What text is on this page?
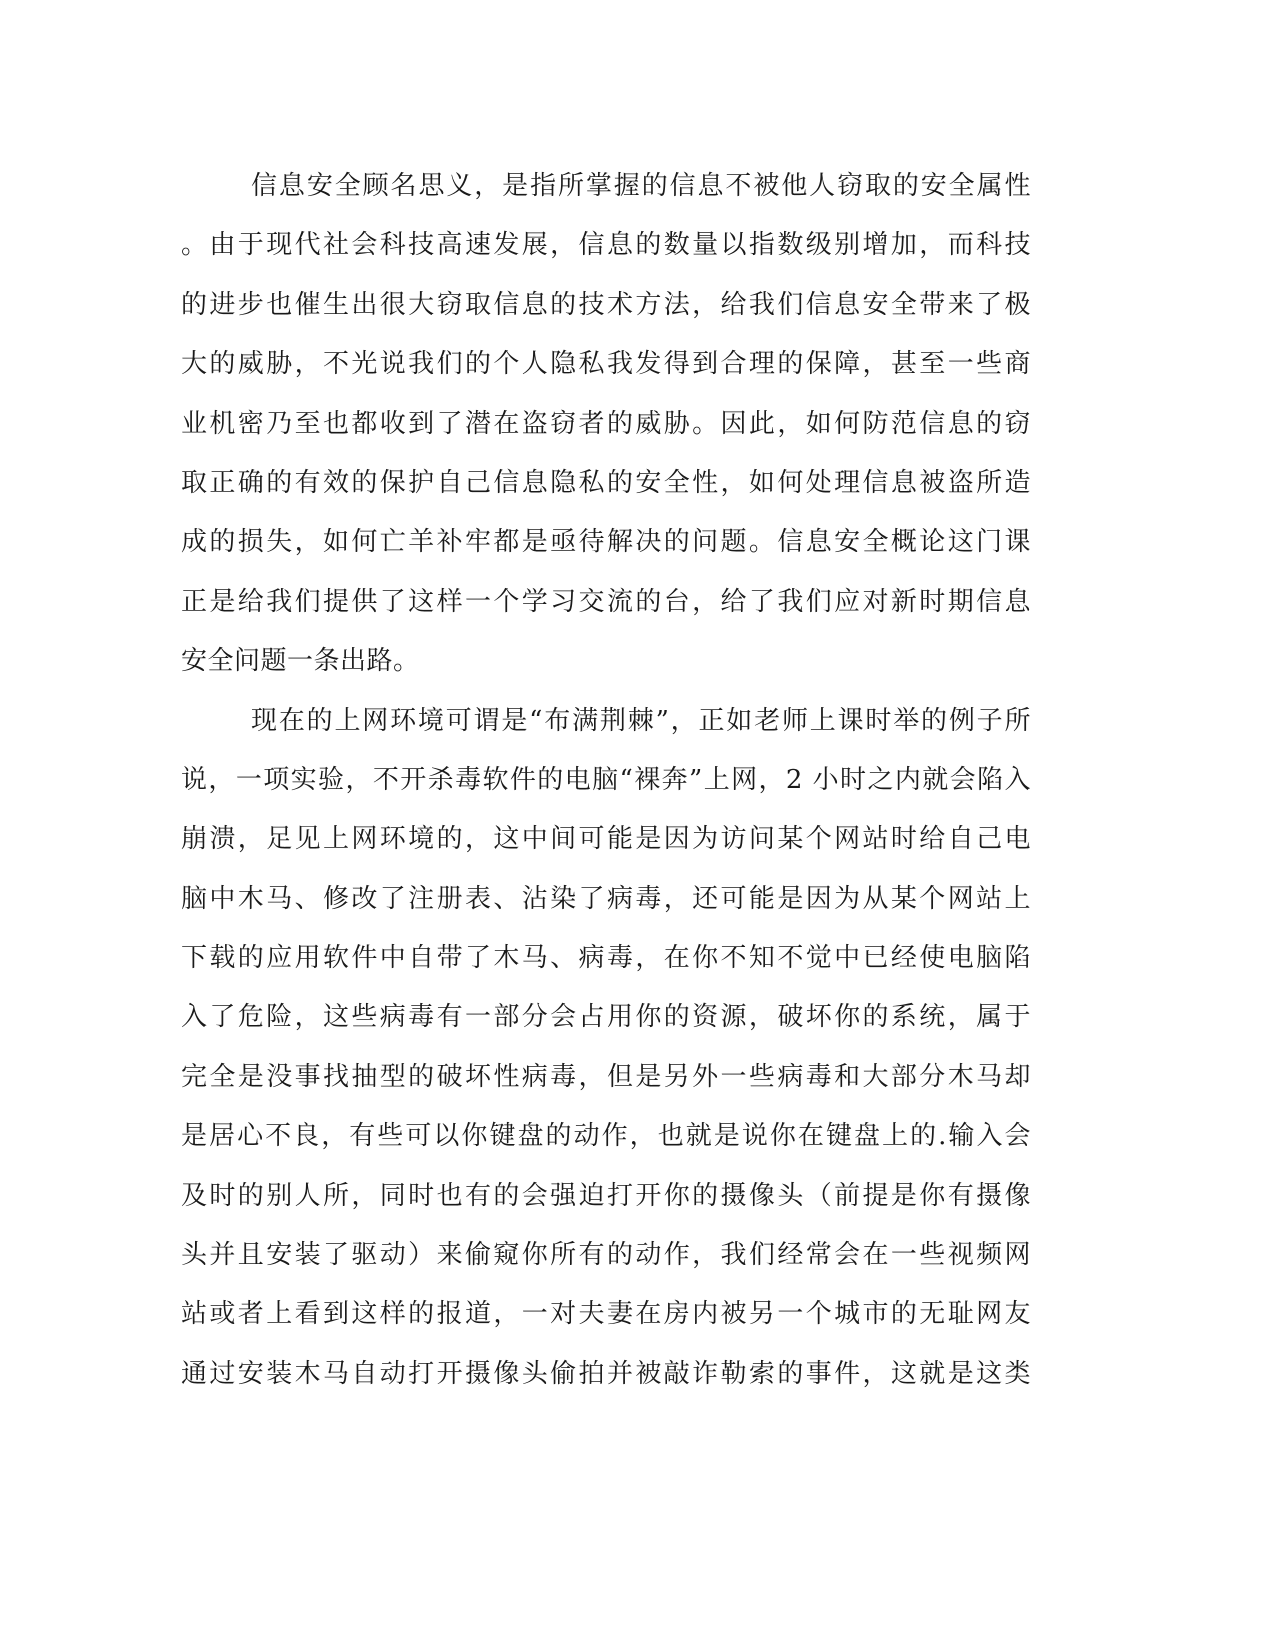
信息安全顾名思义，是指所掌握的信息不被他人窃取的安全属性
。由于现代社会科技高速发展，信息的数量以指数级别增加，而科技
的进步也催生出很大窃取信息的技术方法，给我们信息安全带来了极
大的威胁，不光说我们的个人隐私我发得到合理的保障，甚至一些商
业机密乃至也都收到了潜在盗窃者的威胁。因此，如何防范信息的窃
取正确的有效的保护自己信息隐私的安全性，如何处理信息被盗所造
成的损失，如何亡羊补牢都是亟待解决的问题。信息安全概论这门课
正是给我们提供了这样一个学习交流的台，给了我们应对新时期信息
安全问题一条出路。
现在的上网环境可谓是“布满荆棘”，正如老师上课时举的例子所
说，一项实验，不开杀毒软件的电脑“裸奔”上网，2 小时之内就会陷入
崩溃，足见上网环境的，这中间可能是因为访问某个网站时给自己电
脑中木马、修改了注册表、沾染了病毒，还可能是因为从某个网站上
下载的应用软件中自带了木马、病毒，在你不知不觉中已经使电脑陷
入了危险，这些病毒有一部分会占用你的资源，破坏你的系统，属于
完全是没事找抽型的破坏性病毒，但是另外一些病毒和大部分木马却
是居心不良，有些可以你键盘的动作，也就是说你在键盘上的.输入会
及时的别人所，同时也有的会强迫打开你的摄像头（前提是你有摄像
头并且安装了驱动）来偷窥你所有的动作，我们经常会在一些视频网
站或者上看到这样的报道，一对夫妻在房内被另一个城市的无耻网友
通过安装木马自动打开摄像头偷拍并被敲诈勒索的事件，这就是这类
